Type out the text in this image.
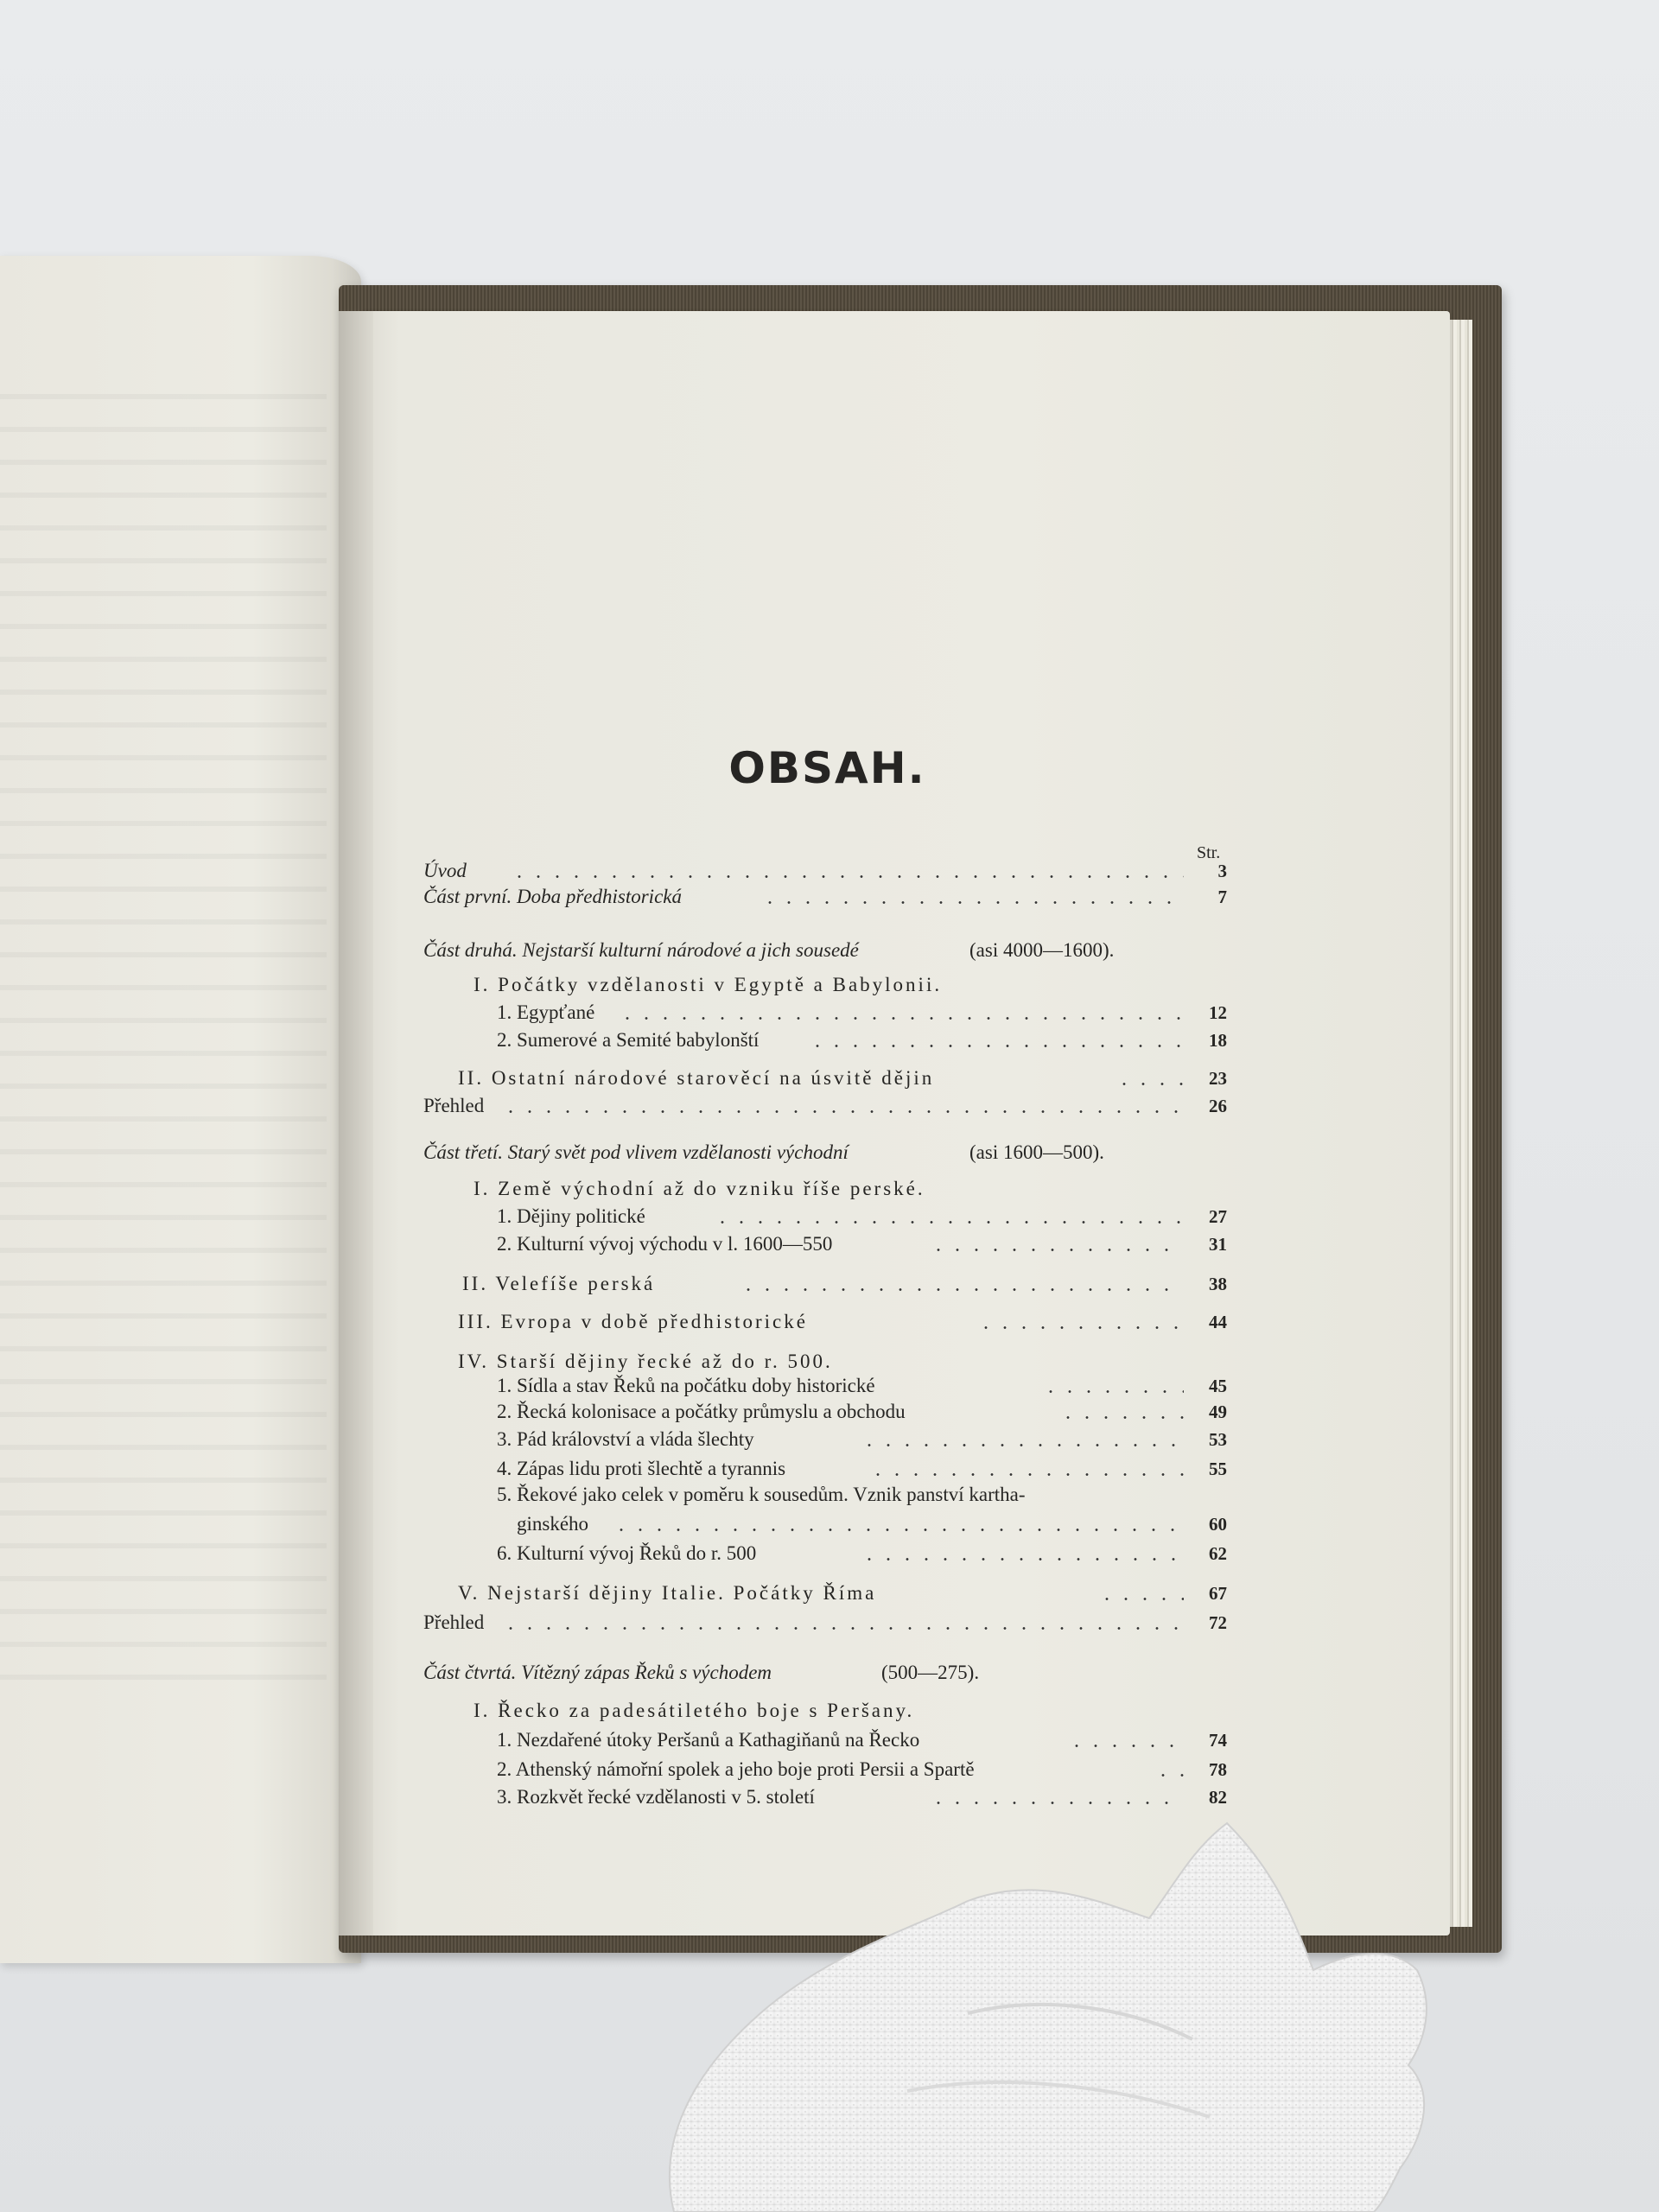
OBSAH.
Str.
Úvod	3
Část první. Doba předhistorická	7
Část druhá. Nejstarší kulturní národové a jich sousedé	(asi 4000—1600).
I. Počátky vzdělanosti v Egyptě a Babylonii.
1. Egypťané	12
2. Sumerové a Semité babylonští	18
II. Ostatní národové starověcí na úsvitě dějin	23
Přehled	26
Část třetí. Starý svět pod vlivem vzdělanosti východní	(asi 1600—500).
I. Země východní až do vzniku říše perské.
1. Dějiny politické	27
2. Kulturní vývoj východu v l. 1600—550	31
II. Velefíše perská	38
III. Evropa v době předhistorické	44
IV. Starší dějiny řecké až do r. 500.
1. Sídla a stav Řeků na počátku doby historické	45
2. Řecká kolonisace a počátky průmyslu a obchodu	49
3. Pád království a vláda šlechty	53
4. Zápas lidu proti šlechtě a tyrannis	55
5. Řekové jako celek v poměru k sousedům. Vznik panství kartha-
ginského	60
6. Kulturní vývoj Řeků do r. 500	62
V. Nejstarší dějiny Italie. Počátky Říma	67
Přehled	72
Část čtvrtá. Vítězný zápas Řeků s východem	(500—275).
I. Řecko za padesátiletého boje s Peršany.
1. Nezdařené útoky Peršanů a Kathagiňanů na Řecko	74
2. Athenský námořní spolek a jeho boje proti Persii a Spartě	78
3. Rozkvět řecké vzdělanosti v 5. století	82
